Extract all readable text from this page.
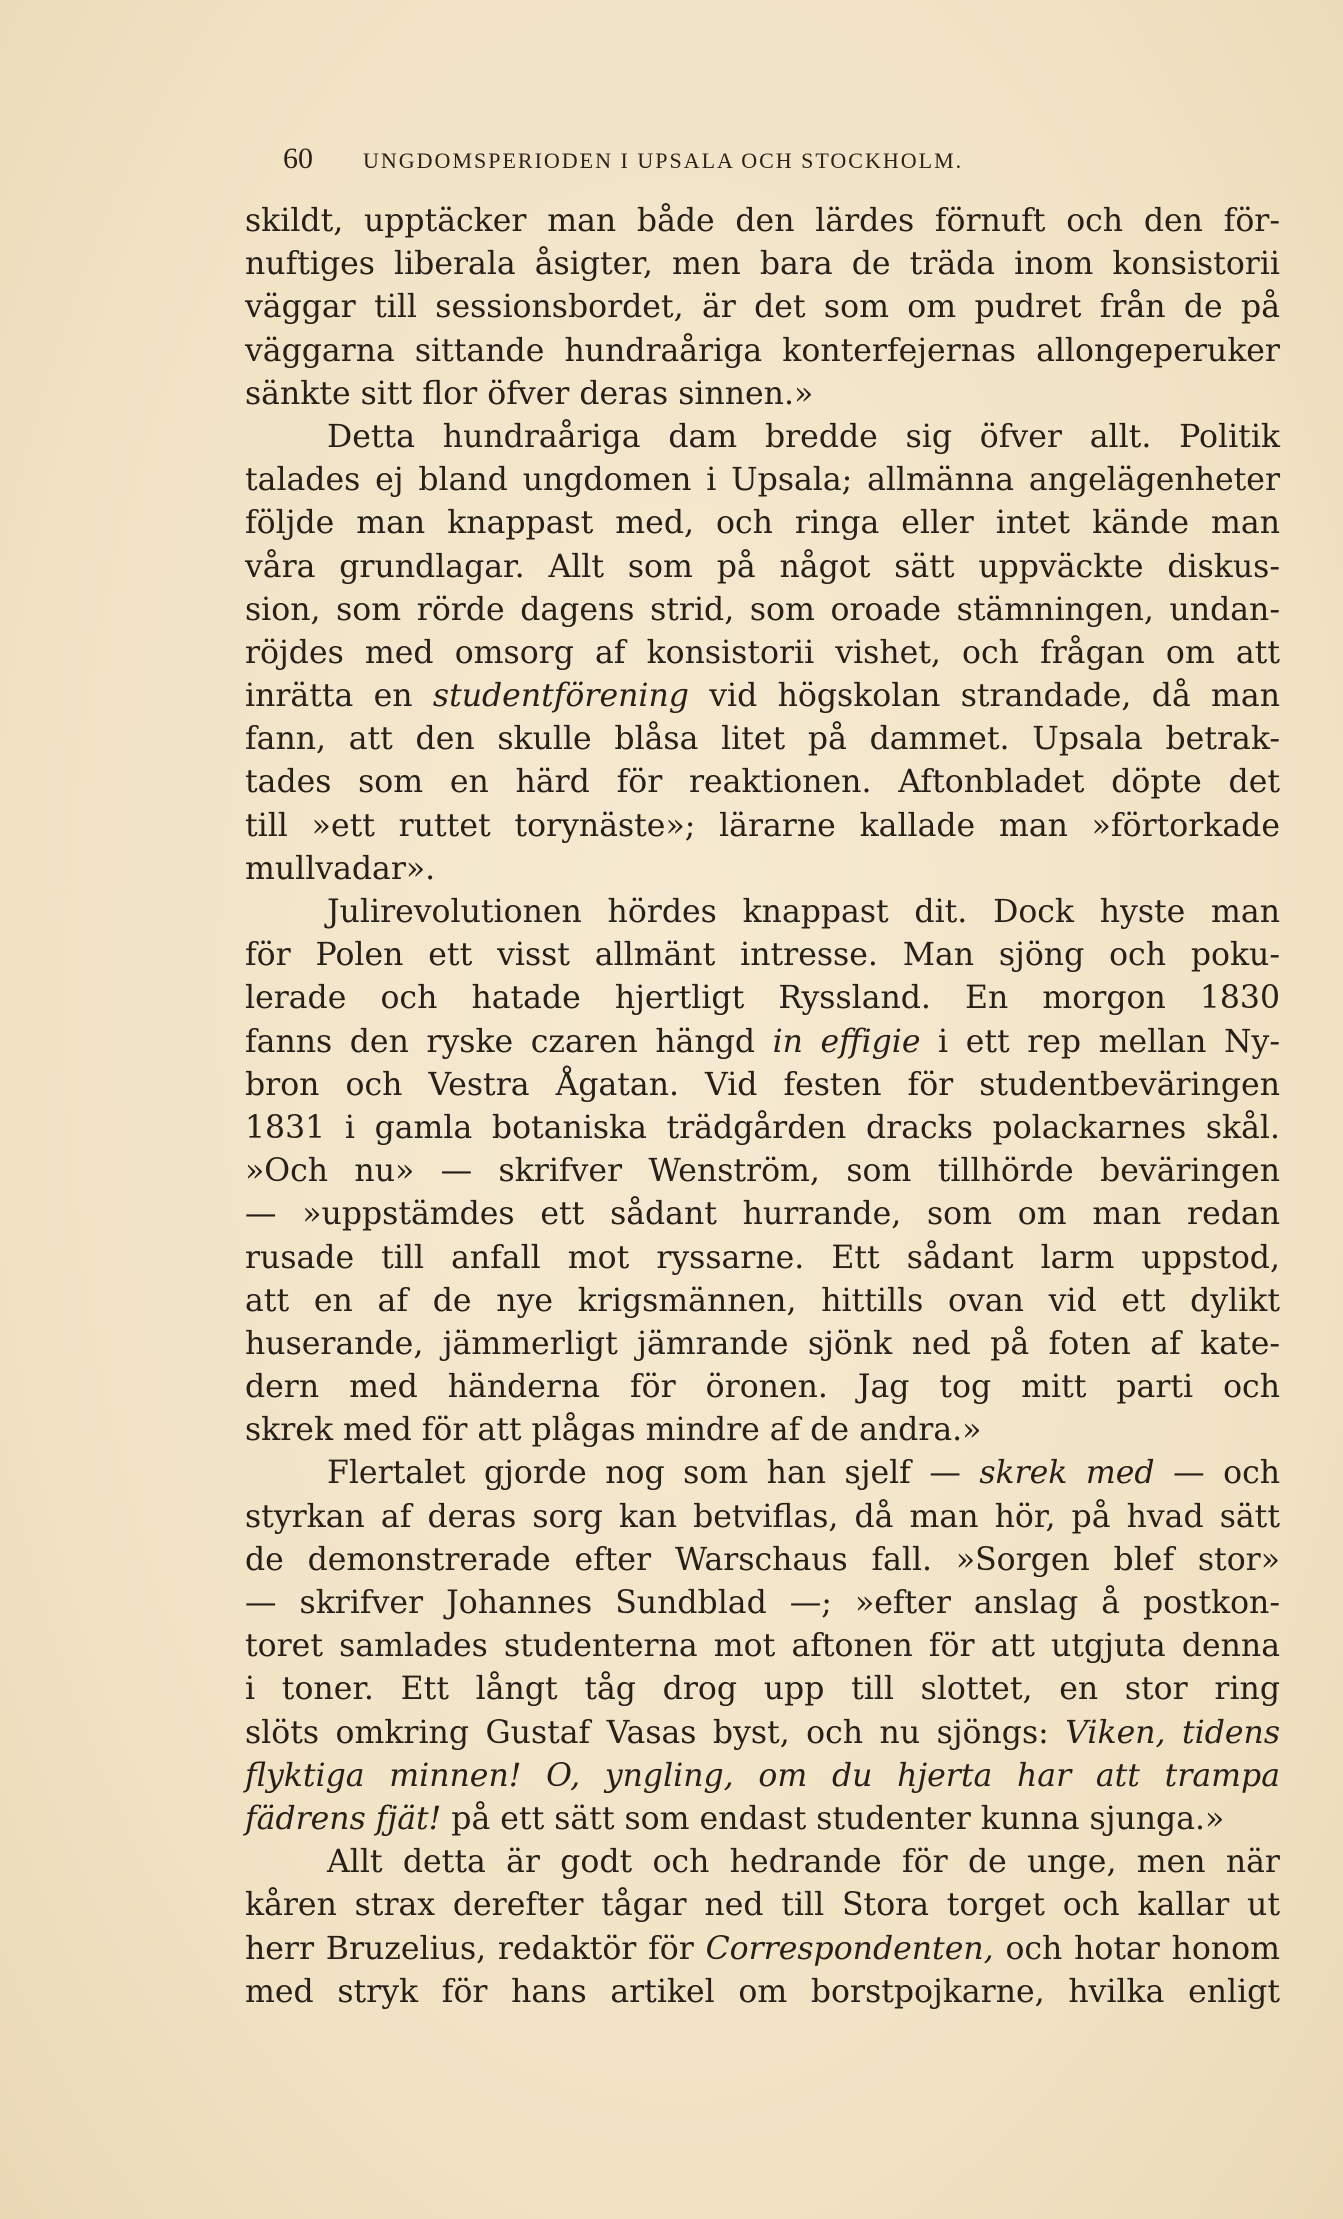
60 UNGDOMSPERIODEN I UPSALA OCH STOCKHOLM.
skildt, upptäcker man både den lärdes förnuft och den för-
nuftiges liberala åsigter, men bara de träda inom konsistorii
väggar till sessionsbordet, är det som om pudret från de på
väggarna sittande hundraåriga konterfejernas allongeperuker
sänkte sitt flor öfver deras sinnen.»
Detta hundraåriga dam bredde sig öfver allt. Politik
talades ej bland ungdomen i Upsala; allmänna angelägenheter
följde man knappast med, och ringa eller intet kände man
våra grundlagar. Allt som på något sätt uppväckte diskus-
sion, som rörde dagens strid, som oroade stämningen, undan-
röjdes med omsorg af konsistorii vishet, och frågan om att
inrätta en studentförening vid högskolan strandade, då man
fann, att den skulle blåsa litet på dammet. Upsala betrak-
tades som en härd för reaktionen. Aftonbladet döpte det
till »ett ruttet torynäste»; lärarne kallade man »förtorkade
mullvadar».
Julirevolutionen hördes knappast dit. Dock hyste man
för Polen ett visst allmänt intresse. Man sjöng och poku-
lerade och hatade hjertligt Ryssland. En morgon 1830
fanns den ryske czaren hängd in effigie i ett rep mellan Ny-
bron och Vestra Ågatan. Vid festen för studentbeväringen
1831 i gamla botaniska trädgården dracks polackarnes skål.
»Och nu» — skrifver Wenström, som tillhörde beväringen
— »uppstämdes ett sådant hurrande, som om man redan
rusade till anfall mot ryssarne. Ett sådant larm uppstod,
att en af de nye krigsmännen, hittills ovan vid ett dylikt
huserande, jämmerligt jämrande sjönk ned på foten af kate-
dern med händerna för öronen. Jag tog mitt parti och
skrek med för att plågas mindre af de andra.»
Flertalet gjorde nog som han sjelf — skrek med — och
styrkan af deras sorg kan betviflas, då man hör, på hvad sätt
de demonstrerade efter Warschaus fall. »Sorgen blef stor»
— skrifver Johannes Sundblad —; »efter anslag å postkon-
toret samlades studenterna mot aftonen för att utgjuta denna
i toner. Ett långt tåg drog upp till slottet, en stor ring
slöts omkring Gustaf Vasas byst, och nu sjöngs: Viken, tidens
flyktiga minnen! O, yngling, om du hjerta har att trampa
fädrens fjät! på ett sätt som endast studenter kunna sjunga.»
Allt detta är godt och hedrande för de unge, men när
kåren strax derefter tågar ned till Stora torget och kallar ut
herr Bruzelius, redaktör för Correspondenten, och hotar honom
med stryk för hans artikel om borstpojkarne, hvilka enligt
